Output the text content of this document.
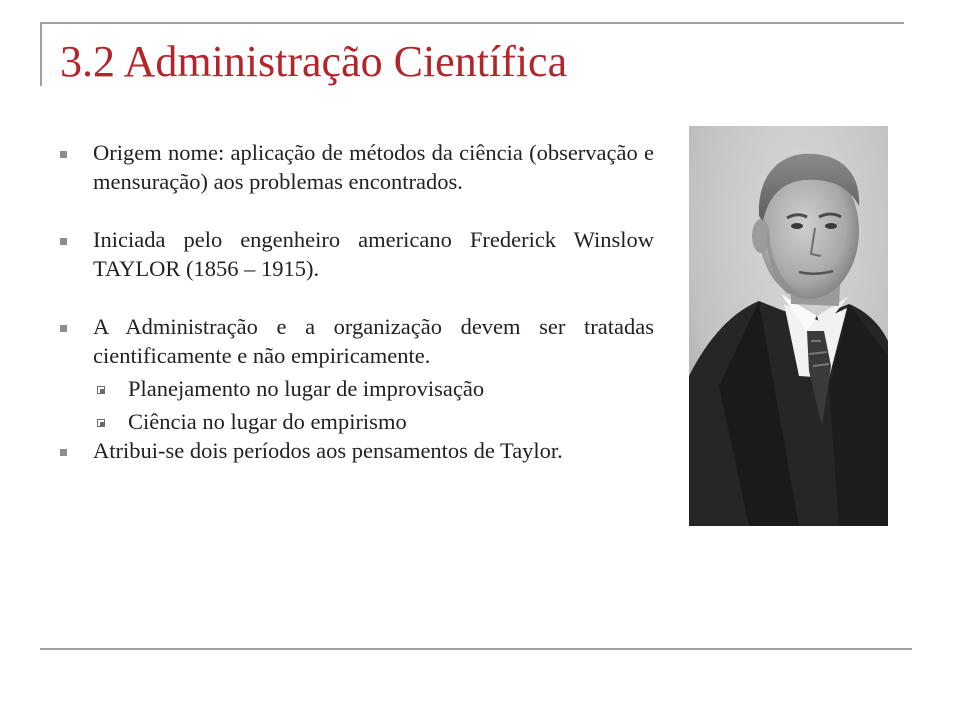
3.2 Administração Científica

Origem nome: aplicação de métodos da ciência (observação e mensuração) aos problemas encontrados.

Iniciada pelo engenheiro americano Frederick Winslow TAYLOR (1856 – 1915).

A Administração e a organização devem ser tratadas cientificamente e não empiricamente.

Planejamento no lugar de improvisação

Ciência no lugar do empirismo

Atribui-se dois períodos aos pensamentos de Taylor.
